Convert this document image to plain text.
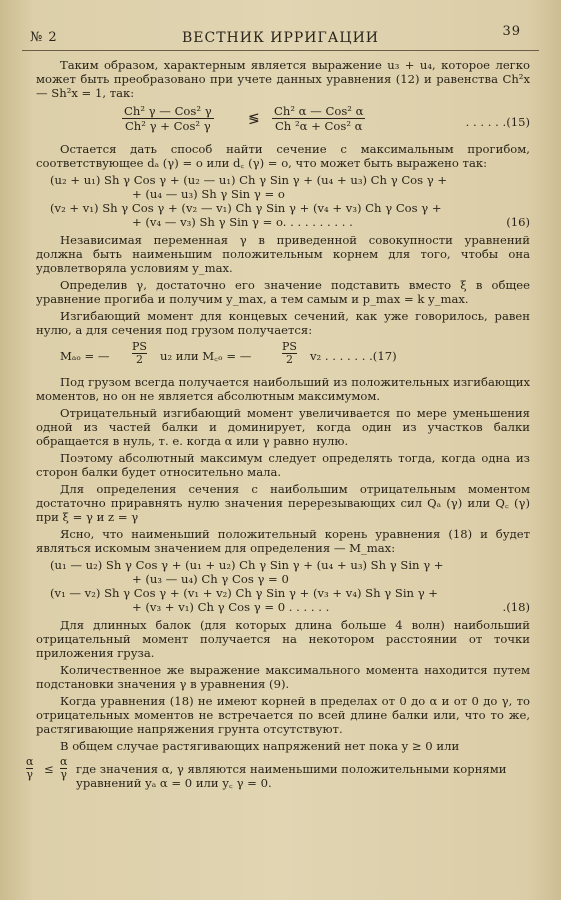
№ 2	ВЕСТНИК ИРРИГАЦИИ	39

Таким образом, характерным является выражение u₃ + u₄, которое легко может быть преобразовано при учете данных уравнения (12) и равенства Ch²x — Sh²x = 1, так:

Ch² γ — Cos² γ
Ch² γ + Cos² γ	≶ Ch² α — Cos² α
Ch ²α + Cos² α	. . . . . .(15)

Остается дать способ найти сечение с максимальным прогибом, соответствующее dₐ (γ) = o или d꜀ (γ) = o, что может быть выражено так:

(u₂ + u₁) Sh γ Cos γ + (u₂ — u₁) Ch γ Sin γ + (u₄ + u₃) Ch γ Cos γ +
+ (u₄ — u₃) Sh γ Sin γ = o
(v₂ + v₁) Sh γ Cos γ + (v₂ — v₁) Ch γ Sin γ + (v₄ + v₃) Ch γ Cos γ +
+ (v₄ — v₃) Sh γ Sin γ = o. . . . . . . . . .	(16)

Независимая переменная γ в приведенной совокупности уравнений должна быть наименьшим положительным корнем для того, чтобы она удовлетворяла условиям y_max.

Определив γ, достаточно его значение подставить вместо ξ в общее уравнение прогиба и получим y_max, а тем самым и p_max = k y_max.

Изгибающий момент для концевых сечений, как уже говорилось, равен нулю, а для сечения под грузом получается:

Mₐₒ = — $\frac{PS}{2} u_2$ или M꜀ₒ = —	$\frac{PS}{2} v_2$ . . . . . . .(17)

Под грузом всегда получается наибольший из положительных изгибающих моментов, но он не является абсолютным максимумом.

Отрицательный изгибающий момент увеличивается по мере уменьшения одной из частей балки и доминирует, когда один из участков балки обращается в нуль, т. е. когда α или γ равно нулю.

Поэтому абсолютный максимум следует определять тогда, когда одна из сторон балки будет относительно мала.

Для определения сечения с наибольшим отрицательным моментом достаточно приравнять нулю значения перерезывающих сил Qₐ (γ) или Q꜀ (γ) при ξ = γ и z = γ

Ясно, что наименьший положительный корень уравнения (18) и будет являться искомым значением для определения — M_max:

(u₁ — u₂) Sh γ Cos γ + (u₁ + u₂) Ch γ Sin γ + (u₄ + u₃) Sh γ Sin γ +
+ (u₃ — u₄) Ch γ Cos γ = 0
(v₁ — v₂) Sh γ Cos γ + (v₁ + v₂) Ch γ Sin γ + (v₃ + v₄) Sh γ Sin γ +
+ (v₃ + v₁) Ch γ Cos γ = 0 . . . . . .	.(18)

Для длинных балок (для которых длина больше 4 волн) наибольший отрицательный момент получается на некотором расстоянии от точки приложения груза.

Количественное же выражение максимального момента находится путем подстановки значения γ в уравнения (9).

Когда уравнения (18) не имеют корней в пределах от 0 до α и от 0 до γ, то отрицательных моментов не встречается по всей длине балки или, что то же, растягивающие напряжения грунта отсутствуют.

В общем случае растягивающих напряжений нет пока y ≥ 0 или

$\frac{\alpha}{\gamma} \le \frac{\alpha}{\gamma}$ где значения α, γ являются наименьшими положительными корнями уравнений yₐ α = 0 или y꜀ γ = 0.
